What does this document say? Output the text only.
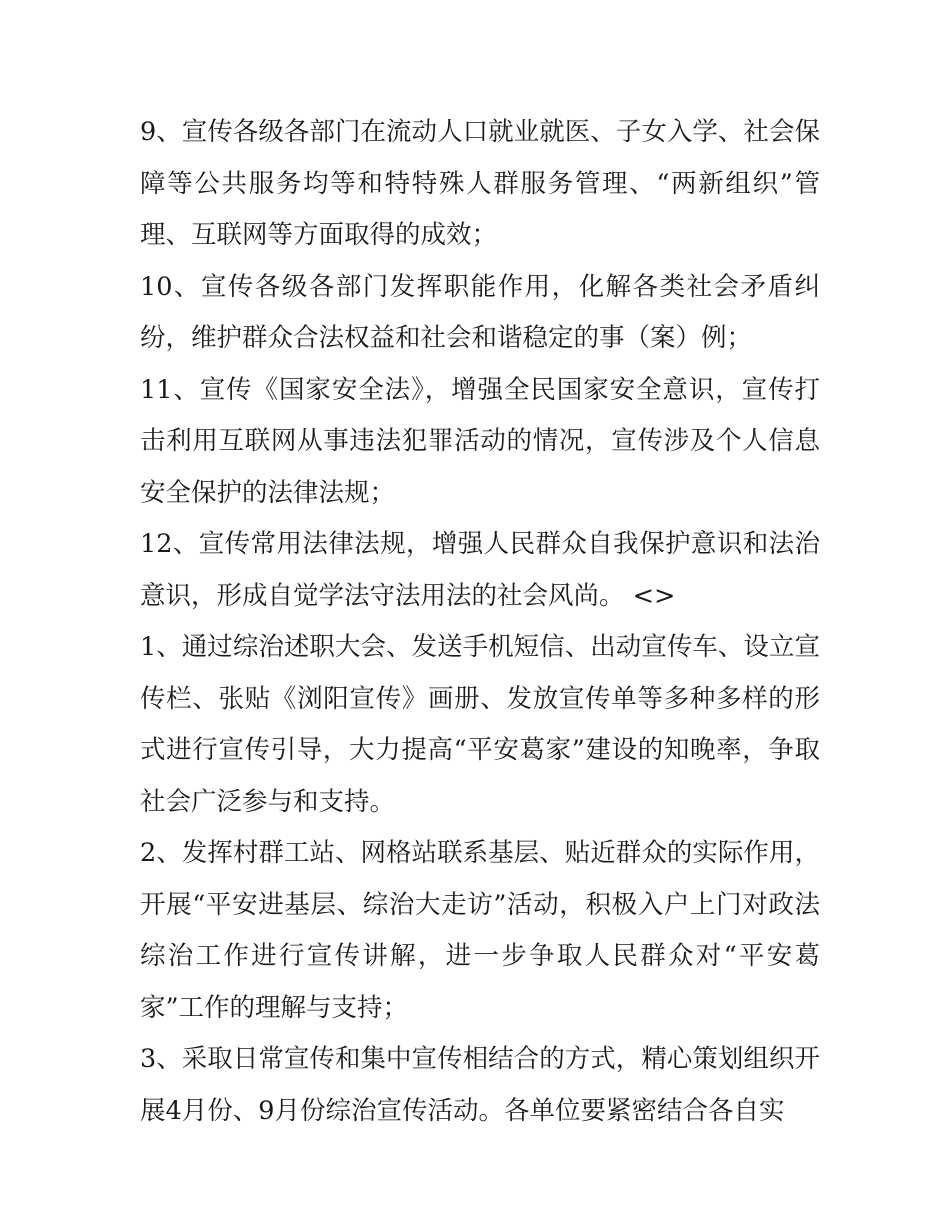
9、宣传各级各部门在流动人口就业就医、子女入学、社会保障等公共服务均等和特特殊人群服务管理、“两新组织”管理、互联网等方面取得的成效；

10、宣传各级各部门发挥职能作用，化解各类社会矛盾纠纷，维护群众合法权益和社会和谐稳定的事（案）例；

11、宣传《国家安全法》，增强全民国家安全意识，宣传打击利用互联网从事违法犯罪活动的情况，宣传涉及个人信息安全保护的法律法规；

12、宣传常用法律法规，增强人民群众自我保护意识和法治意识，形成自觉学法守法用法的社会风尚。 <>

1、通过综治述职大会、发送手机短信、出动宣传车、设立宣传栏、张贴《浏阳宣传》画册、发放宣传单等多种多样的形式进行宣传引导，大力提高“平安葛家”建设的知晚率，争取社会广泛参与和支持。

2、发挥村群工站、网格站联系基层、贴近群众的实际作用，开展“平安进基层、综治大走访”活动，积极入户上门对政法综治工作进行宣传讲解，进一步争取人民群众对“平安葛家”工作的理解与支持；

3、采取日常宣传和集中宣传相结合的方式，精心策划组织开展4月份、9月份综治宣传活动。各单位要紧密结合各自实
